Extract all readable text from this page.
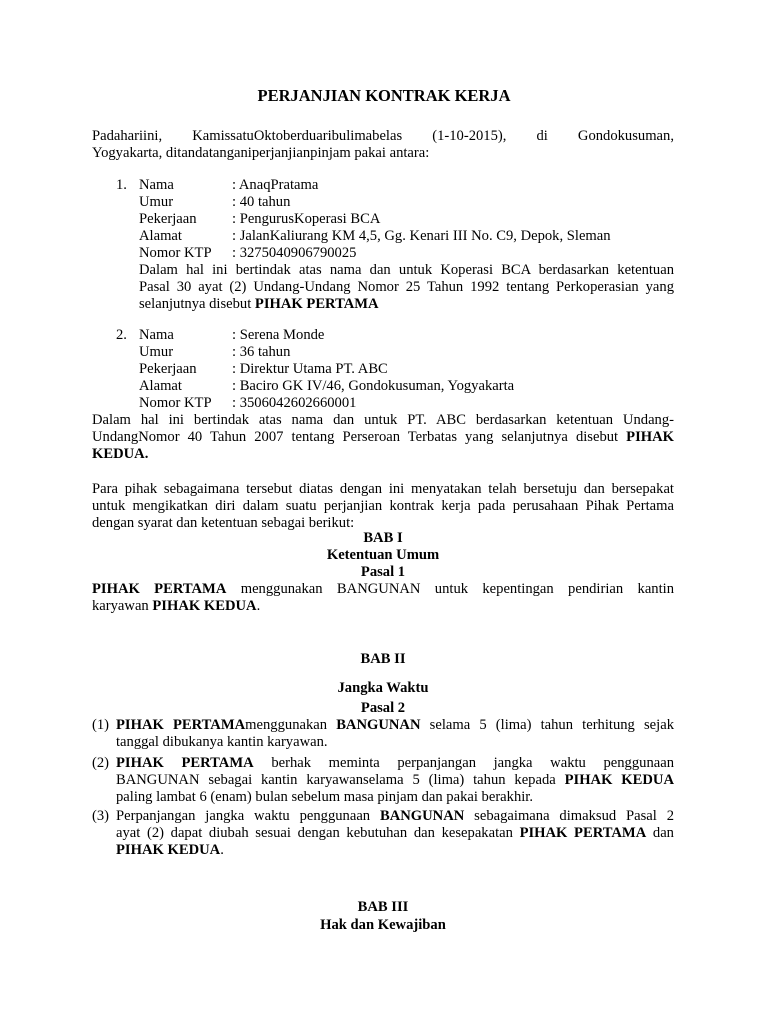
PERJANJIAN KONTRAK KERJA
Padahariini, KamissatuOktoberduaribulimabelas (1-10-2015), di Gondokusuman,
Yogyakarta, ditandatanganiperjanjianpinjam pakai antara:
1. Nama	: AnaqPratama
Umur	: 40 tahun
Pekerjaan : PengurusKoperasi BCA
Alamat	: JalanKaliurang KM 4,5, Gg. Kenari III No. C9, Depok, Sleman
Nomor KTP : 3275040906790025
Dalam hal ini bertindak atas nama dan untuk Koperasi BCA berdasarkan ketentuan
Pasal 30 ayat (2) Undang-Undang Nomor 25 Tahun 1992 tentang Perkoperasian yang
selanjutnya disebut PIHAK PERTAMA
2. Nama	: Serena Monde
Umur	: 36 tahun
Pekerjaan : Direktur Utama PT. ABC
Alamat	: Baciro GK IV/46, Gondokusuman, Yogyakarta
Nomor KTP : 3506042602660001
Dalam hal ini bertindak atas nama dan untuk PT. ABC berdasarkan ketentuan Undang-
UndangNomor 40 Tahun 2007 tentang Perseroan Terbatas yang selanjutnya disebut PIHAK
KEDUA.
Para pihak sebagaimana tersebut diatas dengan ini menyatakan telah bersetuju dan bersepakat
untuk mengikatkan diri dalam suatu perjanjian kontrak kerja pada perusahaan Pihak Pertama
dengan syarat dan ketentuan sebagai berikut:
BAB I
Ketentuan Umum
Pasal 1
PIHAK PERTAMA menggunakan BANGUNAN untuk kepentingan pendirian kantin
karyawan PIHAK KEDUA.
BAB II
Jangka Waktu
Pasal 2
(1) PIHAK PERTAMAmenggunakan BANGUNAN selama 5 (lima) tahun terhitung sejak
tanggal dibukanya kantin karyawan.
(2) PIHAK PERTAMA berhak meminta perpanjangan jangka waktu penggunaan
BANGUNAN sebagai kantin karyawanselama 5 (lima) tahun kepada PIHAK KEDUA
paling lambat 6 (enam) bulan sebelum masa pinjam dan pakai berakhir.
(3) Perpanjangan jangka waktu penggunaan BANGUNAN sebagaimana dimaksud Pasal 2
ayat (2) dapat diubah sesuai dengan kebutuhan dan kesepakatan PIHAK PERTAMA dan
PIHAK KEDUA.
BAB III
Hak dan Kewajiban
